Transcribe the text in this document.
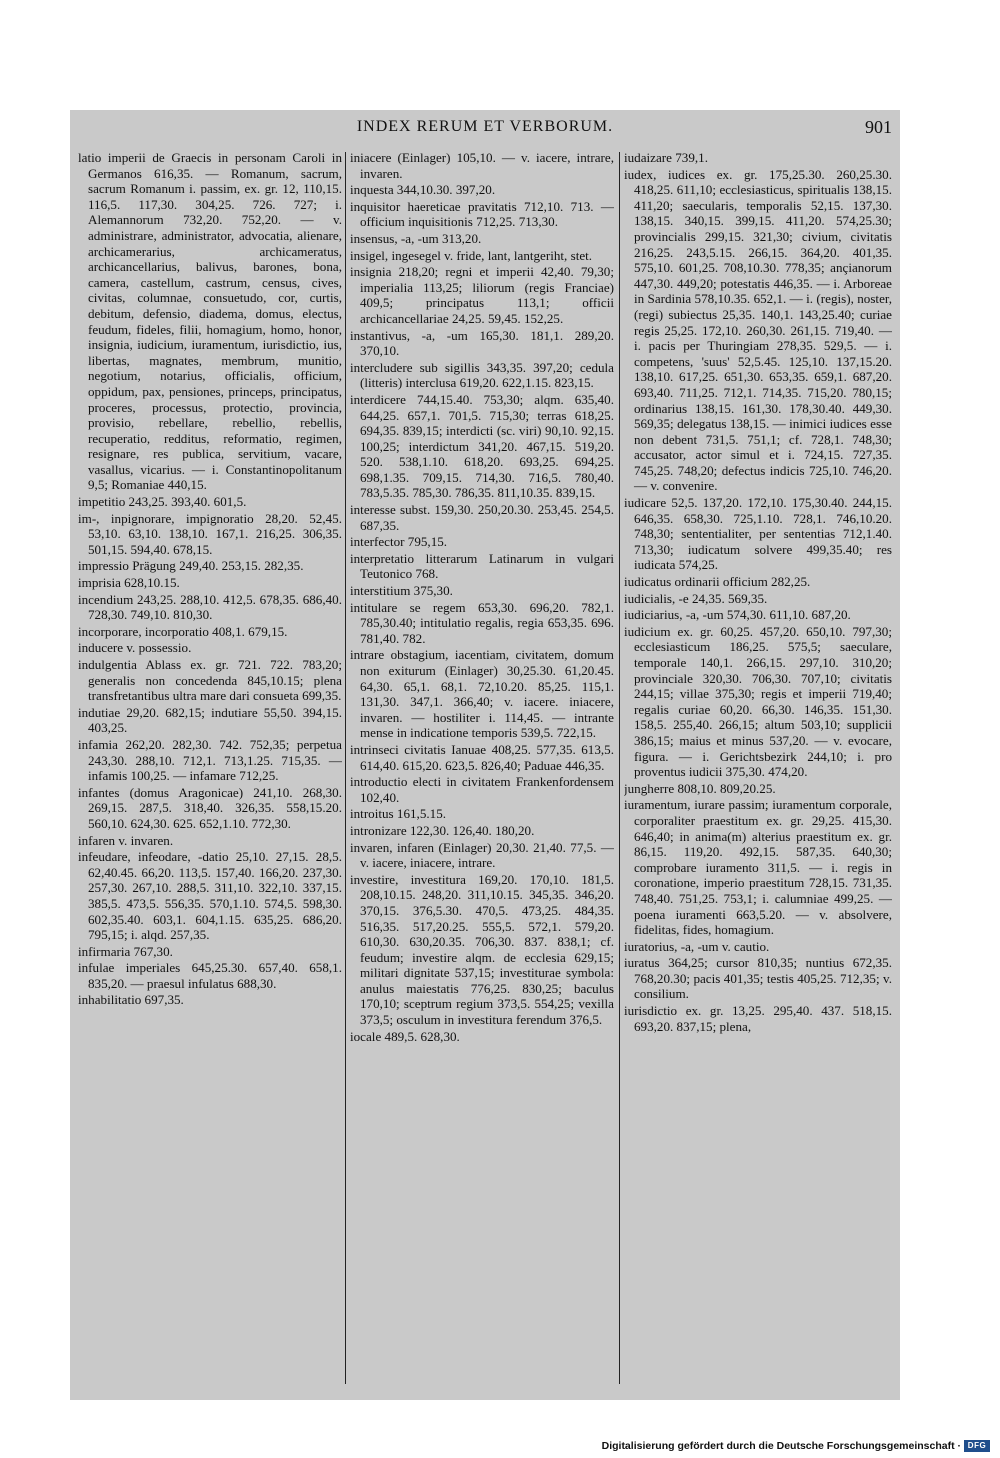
INDEX RERUM ET VERBORUM.	901

latio imperii de Graecis in personam Caroli in Germanos 616,35. — Romanum, sacrum, sacrum Romanum i. passim, ex. gr. 12, 110,15. 116,5. 117,30. 304,25. 726. 727; i. Alemannorum 732,20. 752,20. — v. administrare, administrator, advocatia, alienare, archicamerarius, archicameratus, archicancellarius, balivus, barones, bona, camera, castellum, castrum, census, cives, civitas, columnae, consuetudo, cor, curtis, debitum, defensio, diadema, domus, electus, feudum, fideles, filii, homagium, homo, honor, insignia, iudicium, iuramentum, iurisdictio, ius, libertas, magnates, membrum, munitio, negotium, notarius, officialis, officium, oppidum, pax, pensiones, princeps, principatus, proceres, processus, protectio, provincia, provisio, rebellare, rebellio, rebellis, recuperatio, redditus, reformatio, regimen, resignare, res publica, servitium, vacare, vasallus, vicarius. — i. Constantinopolitanum 9,5; Romaniae 440,15.

impetitio 243,25. 393,40. 601,5.

im-, inpignorare, impignoratio 28,20. 52,45. 53,10. 63,10. 138,10. 167,1. 216,25. 306,35. 501,15. 594,40. 678,15.

impressio Prägung 249,40. 253,15. 282,35.

imprisia 628,10.15.

incendium 243,25. 288,10. 412,5. 678,35. 686,40. 728,30. 749,10. 810,30.

incorporare, incorporatio 408,1. 679,15.

inducere v. possessio.

indulgentia Ablass ex. gr. 721. 722. 783,20; generalis non concedenda 845,10.15; plena transfretantibus ultra mare dari consueta 699,35.

indutiae 29,20. 682,15; indutiare 55,50. 394,15. 403,25.

infamia 262,20. 282,30. 742. 752,35; perpetua 243,30. 288,10. 712,1. 713,1.25. 715,35. — infamis 100,25. — infamare 712,25.

infantes (domus Aragonicae) 241,10. 268,30. 269,15. 287,5. 318,40. 326,35. 558,15.20. 560,10. 624,30. 625. 652,1.10. 772,30.

infaren v. invaren.

infeudare, infeodare, -datio 25,10. 27,15. 28,5. 62,40.45. 66,20. 113,5. 157,40. 166,20. 237,30. 257,30. 267,10. 288,5. 311,10. 322,10. 337,15. 385,5. 473,5. 556,35. 570,1.10. 574,5. 598,30. 602,35.40. 603,1. 604,1.15. 635,25. 686,20. 795,15; i. alqd. 257,35.

infirmaria 767,30.

infulae imperiales 645,25.30. 657,40. 658,1. 835,20. — praesul infulatus 688,30.

inhabilitatio 697,35.

iniacere (Einlager) 105,10. — v. iacere, intrare, invaren.

inquesta 344,10.30. 397,20.

inquisitor haereticae pravitatis 712,10. 713. — officium inquisitionis 712,25. 713,30.

insensus, -a, -um 313,20.

insigel, ingesegel v. fride, lant, lantgeriht, stet.

insignia 218,20; regni et imperii 42,40. 79,30; imperialia 113,25; liliorum (regis Franciae) 409,5; principatus 113,1; officii archicancellariae 24,25. 59,45. 152,25.

instantivus, -a, -um 165,30. 181,1. 289,20. 370,10.

intercludere sub sigillis 343,35. 397,20; cedula (litteris) interclusa 619,20. 622,1.15. 823,15.

interdicere 744,15.40. 753,30; alqm. 635,40. 644,25. 657,1. 701,5. 715,30; terras 618,25. 694,35. 839,15; interdicti (sc. viri) 90,10. 92,15. 100,25; interdictum 341,20. 467,15. 519,20. 520. 538,1.10. 618,20. 693,25. 694,25. 698,1.35. 709,15. 714,30. 716,5. 780,40. 783,5.35. 785,30. 786,35. 811,10.35. 839,15.

interesse subst. 159,30. 250,20.30. 253,45. 254,5. 687,35.

interfector 795,15.

interpretatio litterarum Latinarum in vulgari Teutonico 768.

interstitium 375,30.

intitulare se regem 653,30. 696,20. 782,1. 785,30.40; intitulatio regalis, regia 653,35. 696. 781,40. 782.

intrare obstagium, iacentiam, civitatem, domum non exiturum (Einlager) 30,25.30. 61,20.45. 64,30. 65,1. 68,1. 72,10.20. 85,25. 115,1. 131,30. 347,1. 366,40; v. iacere. iniacere, invaren. — hostiliter i. 114,45. — intrante mense in indicatione temporis 539,5. 722,15.

intrinseci civitatis Ianuae 408,25. 577,35. 613,5. 614,40. 615,20. 623,5. 826,40; Paduae 446,35.

introductio electi in civitatem Frankenfordensem 102,40.

introitus 161,5.15.

intronizare 122,30. 126,40. 180,20.

invaren, infaren (Einlager) 20,30. 21,40. 77,5. — v. iacere, iniacere, intrare.

investire, investitura 169,20. 170,10. 181,5. 208,10.15. 248,20. 311,10.15. 345,35. 346,20. 370,15. 376,5.30. 470,5. 473,25. 484,35. 516,35. 517,20.25. 555,5. 572,1. 579,20. 610,30. 630,20.35. 706,30. 837. 838,1; cf. feudum; investire alqm. de ecclesia 629,15; militari dignitate 537,15; investiturae symbola: anulus maiestatis 776,25. 830,25; baculus 170,10; sceptrum regium 373,5. 554,25; vexilla 373,5; osculum in investitura ferendum 376,5.

iocale 489,5. 628,30.

iudaizare 739,1.

iudex, iudices ex. gr. 175,25.30. 260,25.30. 418,25. 611,10; ecclesiasticus, spiritualis 138,15. 411,20; saecularis, temporalis 52,15. 137,30. 138,15. 340,15. 399,15. 411,20. 574,25.30; provincialis 299,15. 321,30; civium, civitatis 216,25. 243,5.15. 266,15. 364,20. 401,35. 575,10. 601,25. 708,10.30. 778,35; ançianorum 447,30. 449,20; potestatis 446,35. — i. Arboreae in Sardinia 578,10.35. 652,1. — i. (regis), noster, (regi) subiectus 25,35. 140,1. 143,25.40; curiae regis 25,25. 172,10. 260,30. 261,15. 719,40. — i. pacis per Thuringiam 278,35. 529,5. — i. competens, 'suus' 52,5.45. 125,10. 137,15.20. 138,10. 617,25. 651,30. 653,35. 659,1. 687,20. 693,40. 711,25. 712,1. 714,35. 715,20. 780,15; ordinarius 138,15. 161,30. 178,30.40. 449,30. 569,35; delegatus 138,15. — inimici iudices esse non debent 731,5. 751,1; cf. 728,1. 748,30; accusator, actor simul et i. 724,15. 727,35. 745,25. 748,20; defectus indicis 725,10. 746,20. — v. convenire.

iudicare 52,5. 137,20. 172,10. 175,30.40. 244,15. 646,35. 658,30. 725,1.10. 728,1. 746,10.20. 748,30; sententialiter, per sententias 712,1.40. 713,30; iudicatum solvere 499,35.40; res iudicata 574,25.

iudicatus ordinarii officium 282,25.

iudicialis, -e 24,35. 569,35.

iudiciarius, -a, -um 574,30. 611,10. 687,20.

iudicium ex. gr. 60,25. 457,20. 650,10. 797,30; ecclesiasticum 186,25. 575,5; saeculare, temporale 140,1. 266,15. 297,10. 310,20; provinciale 320,30. 706,30. 707,10; civitatis 244,15; villae 375,30; regis et imperii 719,40; regalis curiae 60,20. 66,30. 146,35. 151,30. 158,5. 255,40. 266,15; altum 503,10; supplicii 386,15; maius et minus 537,20. — v. evocare, figura. — i. Gerichtsbezirk 244,10; i. pro proventus iudicii 375,30. 474,20.

jungherre 808,10. 809,20.25.

iuramentum, iurare passim; iuramentum corporale, corporaliter praestitum ex. gr. 29,25. 415,30. 646,40; in anima(m) alterius praestitum ex. gr. 86,15. 119,20. 492,15. 587,35. 640,30; comprobare iuramento 311,5. — i. regis in coronatione, imperio praestitum 728,15. 731,35. 748,40. 751,25. 753,1; i. calumniae 499,25. — poena iuramenti 663,5.20. — v. absolvere, fidelitas, fides, homagium.

iuratorius, -a, -um v. cautio.

iuratus 364,25; cursor 810,35; nuntius 672,35. 768,20.30; pacis 401,35; testis 405,25. 712,35; v. consilium.

iurisdictio ex. gr. 13,25. 295,40. 437. 518,15. 693,20. 837,15; plena,

Digitalisierung gefördert durch die Deutsche Forschungsgemeinschaft · DFG
